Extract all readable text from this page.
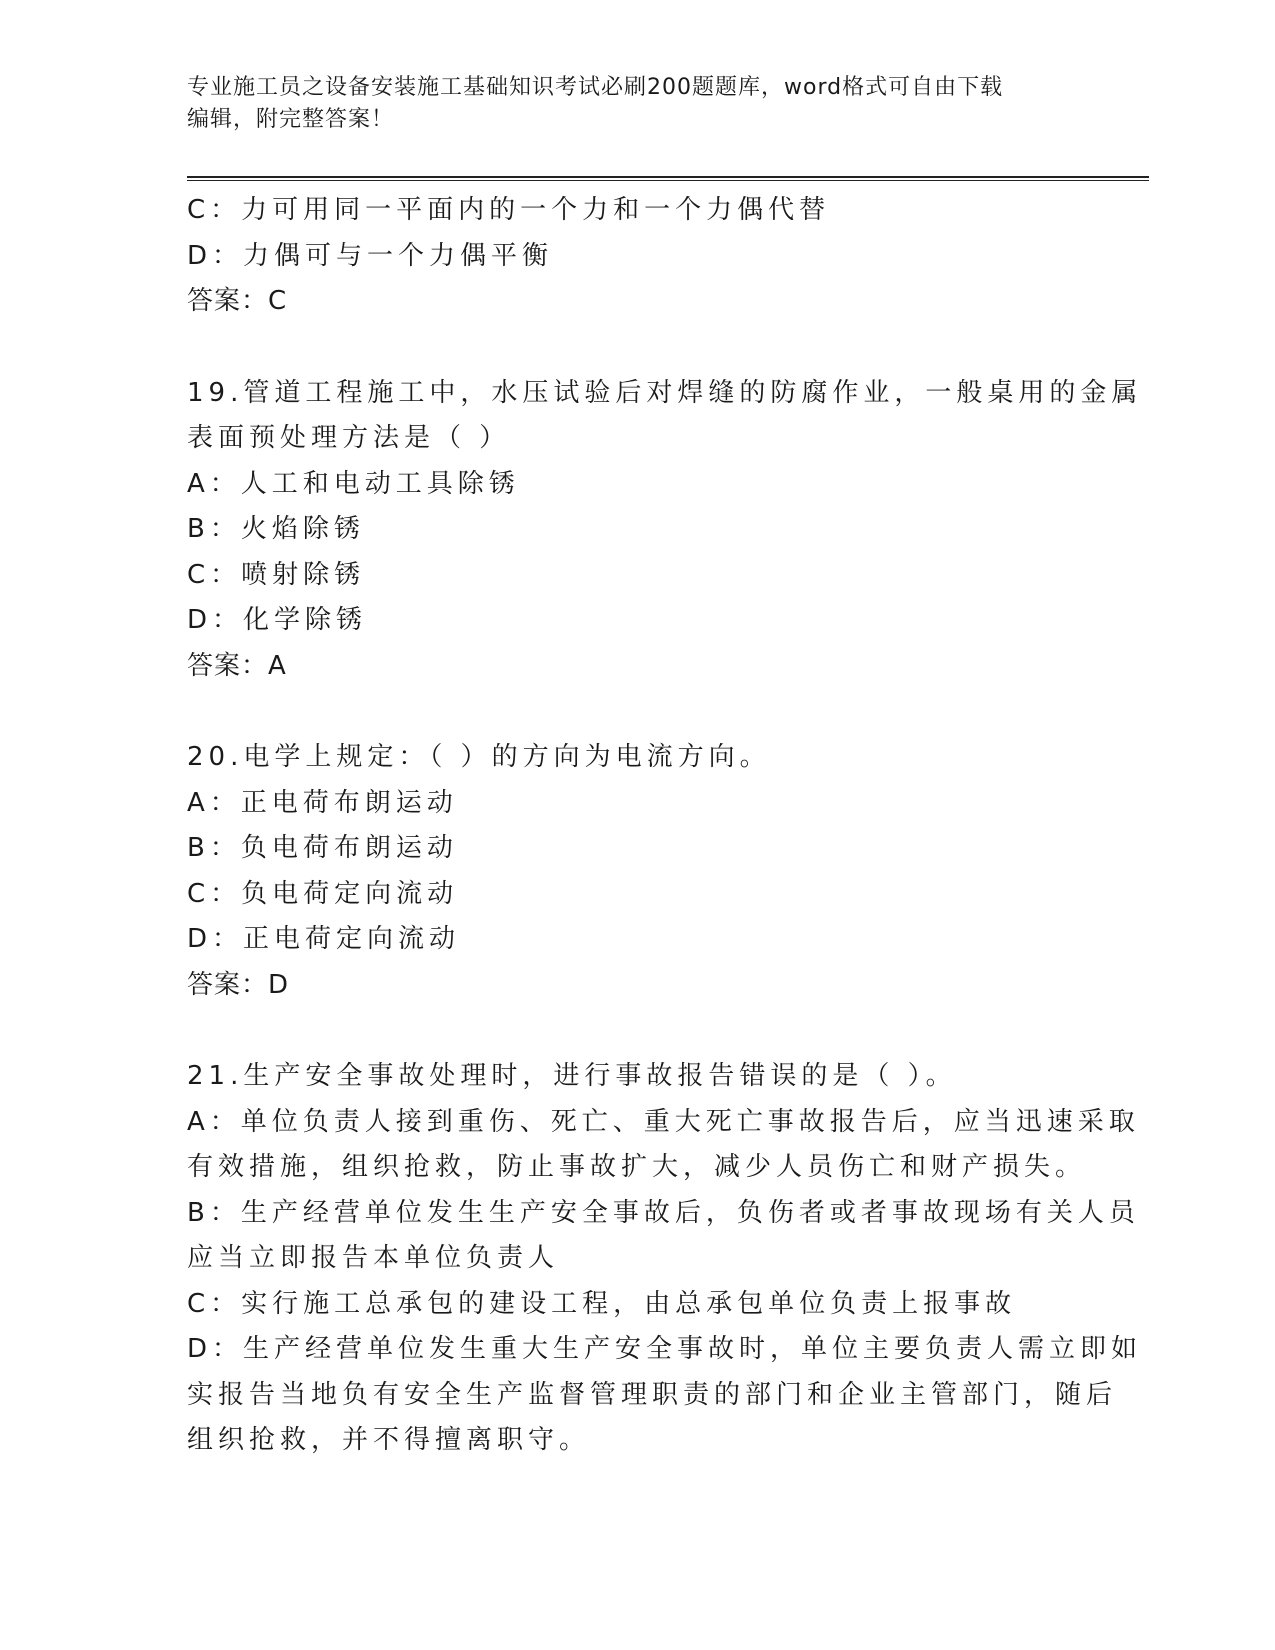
专业施工员之设备安装施工基础知识考试必刷200题题库，word格式可自由下载
编辑，附完整答案！
C：力可用同一平面内的一个力和一个力偶代替
D：力偶可与一个力偶平衡
答案：C
19.管道工程施工中，水压试验后对焊缝的防腐作业，一般桌用的金属
表面预处理方法是（ ）
A：人工和电动工具除锈
B：火焰除锈
C：喷射除锈
D：化学除锈
答案：A
20.电学上规定：（ ）的方向为电流方向。
A：正电荷布朗运动
B：负电荷布朗运动
C：负电荷定向流动
D：正电荷定向流动
答案：D
21.生产安全事故处理时，进行事故报告错误的是（ ）。
A：单位负责人接到重伤、死亡、重大死亡事故报告后，应当迅速采取
有效措施，组织抢救，防止事故扩大，减少人员伤亡和财产损失。
B：生产经营单位发生生产安全事故后，负伤者或者事故现场有关人员
应当立即报告本单位负责人
C：实行施工总承包的建设工程，由总承包单位负责上报事故
D：生产经营单位发生重大生产安全事故时，单位主要负责人需立即如
实报告当地负有安全生产监督管理职责的部门和企业主管部门，随后
组织抢救，并不得擅离职守。
